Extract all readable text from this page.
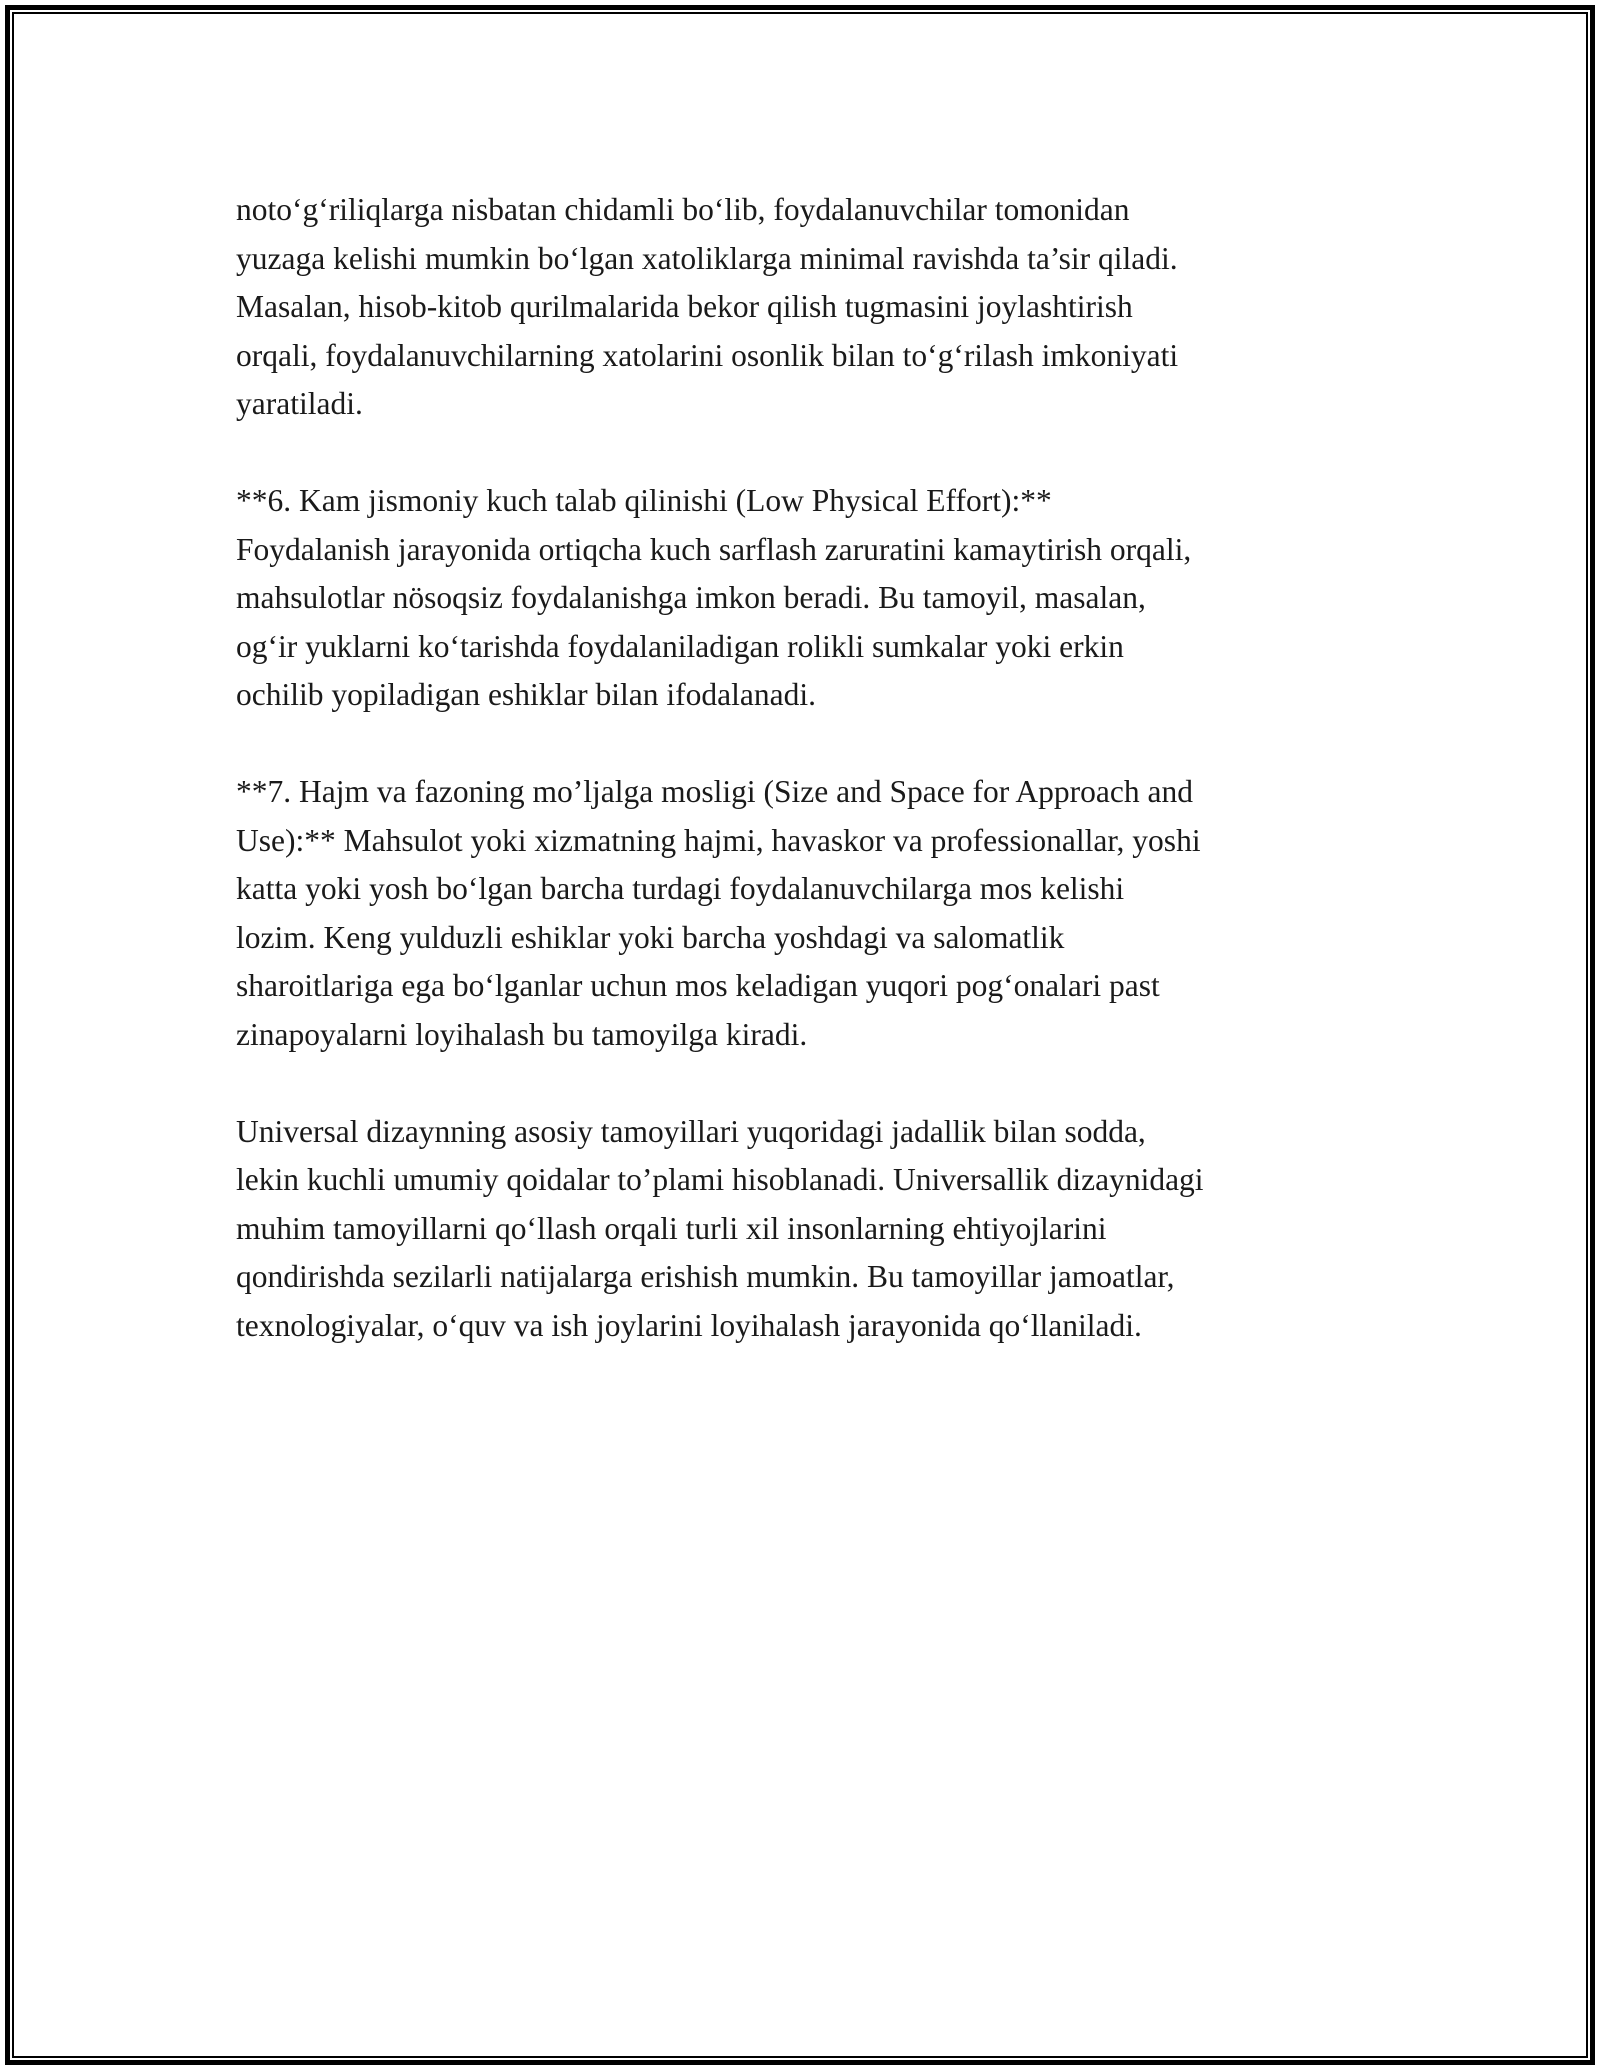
noto‘g‘riliqlarga nisbatan chidamli bo‘lib, foydalanuvchilar tomonidan
yuzaga kelishi mumkin bo‘lgan xatoliklarga minimal ravishda ta’sir qiladi.
Masalan, hisob-kitob qurilmalarida bekor qilish tugmasini joylashtirish
orqali, foydalanuvchilarning xatolarini osonlik bilan to‘g‘rilash imkoniyati
yaratiladi.
**6. Kam jismoniy kuch talab qilinishi (Low Physical Effort):**
Foydalanish jarayonida ortiqcha kuch sarflash zaruratini kamaytirish orqali,
mahsulotlar nösoqsiz foydalanishga imkon beradi. Bu tamoyil, masalan,
og‘ir yuklarni ko‘tarishda foydalaniladigan rolikli sumkalar yoki erkin
ochilib yopiladigan eshiklar bilan ifodalanadi.
**7. Hajm va fazoning mo’ljalga mosligi (Size and Space for Approach and
Use):** Mahsulot yoki xizmatning hajmi, havaskor va professionallar, yoshi
katta yoki yosh bo‘lgan barcha turdagi foydalanuvchilarga mos kelishi
lozim. Keng yulduzli eshiklar yoki barcha yoshdagi va salomatlik
sharoitlariga ega bo‘lganlar uchun mos keladigan yuqori pog‘onalari past
zinapoyalarni loyihalash bu tamoyilga kiradi.
Universal dizaynning asosiy tamoyillari yuqoridagi jadallik bilan sodda,
lekin kuchli umumiy qoidalar to’plami hisoblanadi. Universallik dizaynidagi
muhim tamoyillarni qo‘llash orqali turli xil insonlarning ehtiyojlarini
qondirishda sezilarli natijalarga erishish mumkin. Bu tamoyillar jamoatlar,
texnologiyalar, o‘quv va ish joylarini loyihalash jarayonida qo‘llaniladi.
